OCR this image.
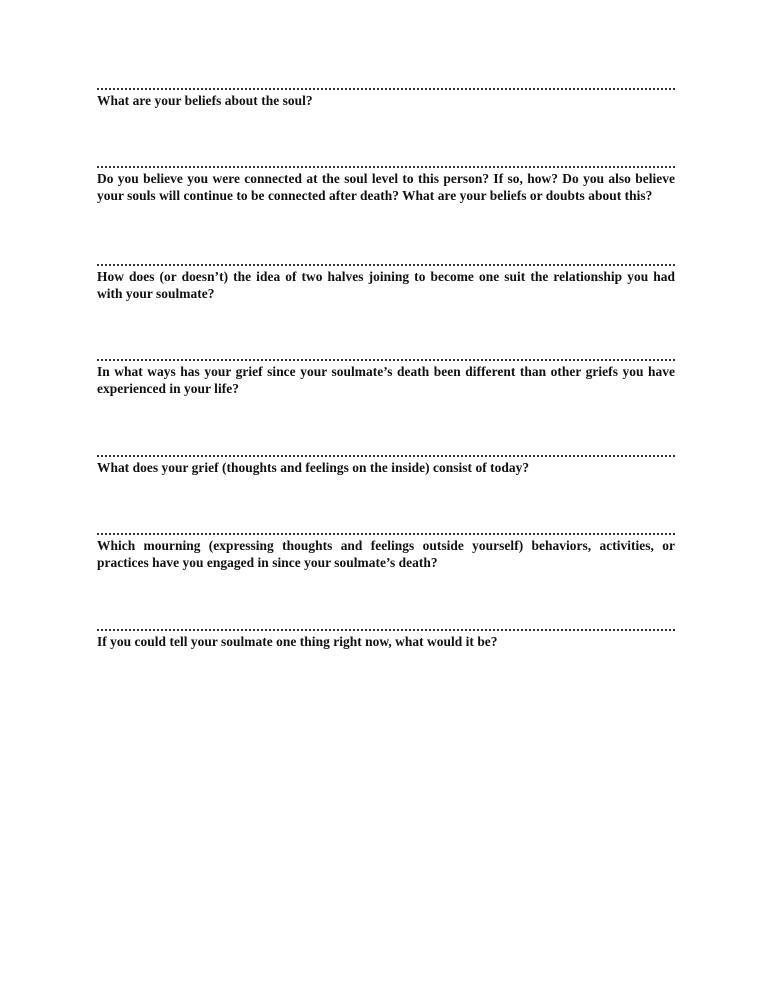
What are your beliefs about the soul?
Do you believe you were connected at the soul level to this person? If so, how? Do you also believe your souls will continue to be connected after death? What are your beliefs or doubts about this?
How does (or doesn’t) the idea of two halves joining to become one suit the relationship you had with your soulmate?
In what ways has your grief since your soulmate’s death been different than other griefs you have experienced in your life?
What does your grief (thoughts and feelings on the inside) consist of today?
Which mourning (expressing thoughts and feelings outside yourself) behaviors, activities, or practices have you engaged in since your soulmate’s death?
If you could tell your soulmate one thing right now, what would it be?
